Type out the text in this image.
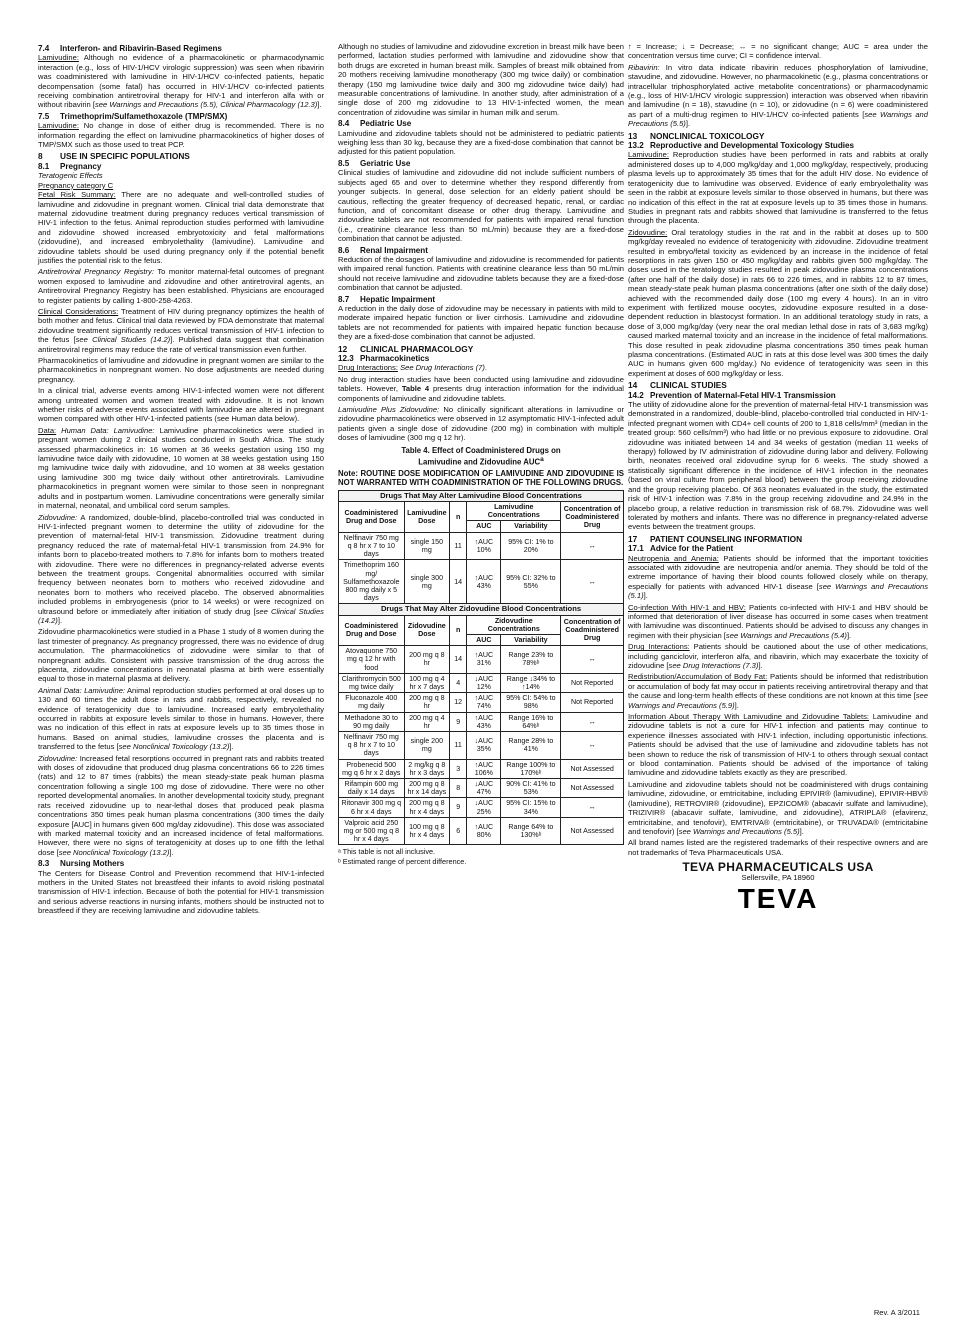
7.4 Interferon- and Ribavirin-Based Regimens

Lamivudine: Although no evidence of a pharmacokinetic or pharmacodynamic interaction (e.g., loss of HIV-1/HCV virologic suppression) was seen when ribavirin was coadministered with lamivudine in HIV-1/HCV co-infected patients, hepatic decompensation (some fatal) has occurred in HIV-1/HCV co-infected patients receiving combination antiretroviral therapy for HIV-1 and interferon alfa with or without ribavirin [see Warnings and Precautions (5.5), Clinical Pharmacology (12.3)].

7.5 Trimethoprim/Sulfamethoxazole (TMP/SMX)

Lamivudine: No change in dose of either drug is recommended. There is no information regarding the effect on lamivudine pharmacokinetics of higher doses of TMP/SMX such as those used to treat PCP.

8 USE IN SPECIFIC POPULATIONS
8.1 Pregnancy
Teratogenic Effects
Pregnancy category C

Fetal Risk Summary: There are no adequate and well-controlled studies of lamivudine and zidovudine in pregnant women. Clinical trial data demonstrate that maternal zidovudine treatment during pregnancy reduces vertical transmission of HIV-1 infection to the fetus. Animal reproduction studies performed with lamivudine and zidovudine showed increased embryotoxicity and fetal malformations (zidovudine), and increased embryolethality (lamivudine). Lamivudine and zidovudine tablets should be used during pregnancy only if the potential benefit justifies the potential risk to the fetus.

Antiretroviral Pregnancy Registry: To monitor maternal-fetal outcomes of pregnant women exposed to lamivudine and zidovudine and other antiretroviral agents, an Antiretroviral Pregnancy Registry has been established. Physicians are encouraged to register patients by calling 1-800-258-4263.

Clinical Considerations: Treatment of HIV during pregnancy optimizes the health of both mother and fetus. Clinical trial data reviewed by FDA demonstrate that maternal zidovudine treatment significantly reduces vertical transmission of HIV-1 infection to the fetus [see Clinical Studies (14.2)]. Published data suggest that combination antiretroviral regimens may reduce the rate of vertical transmission even further.

Pharmacokinetics of lamivudine and zidovudine in pregnant women are similar to the pharmacokinetics in nonpregnant women. No dose adjustments are needed during pregnancy.

In a clinical trial, adverse events among HIV-1-infected women were not different among untreated women and women treated with zidovudine. It is not known whether risks of adverse events associated with lamivudine are altered in pregnant women compared with other HIV-1-infected patients (see Human data below).

Data: Human Data: Lamivudine: Lamivudine pharmacokinetics were studied in pregnant women during 2 clinical studies conducted in South Africa. The study assessed pharmacokinetics in: 16 women at 36 weeks gestation using 150 mg lamivudine twice daily with zidovudine, 10 women at 38 weeks gestation using 150 mg lamivudine twice daily with zidovudine, and 10 women at 38 weeks gestation using lamivudine 300 mg twice daily without other antiretrovirals. Lamivudine pharmacokinetics in pregnant women were similar to those seen in nonpregnant adults and in postpartum women. Lamivudine concentrations were generally similar in maternal, neonatal, and umbilical cord serum samples.

Zidovudine: A randomized, double-blind, placebo-controlled trial was conducted in HIV-1-infected pregnant women to determine the utility of zidovudine for the prevention of maternal-fetal HIV-1 transmission. Zidovudine treatment during pregnancy reduced the rate of maternal-fetal HIV-1 transmission from 24.9% for infants born to placebo-treated mothers to 7.8% for infants born to mothers treated with zidovudine. There were no differences in pregnancy-related adverse events between the treatment groups. Congenital abnormalities occurred with similar frequency between neonates born to mothers who received zidovudine and neonates born to mothers who received placebo. The observed abnormalities included problems in embryogenesis (prior to 14 weeks) or were recognized on ultrasound before or immediately after initiation of study drug [see Clinical Studies (14.2)].

Zidovudine pharmacokinetics were studied in a Phase 1 study of 8 women during the last trimester of pregnancy. As pregnancy progressed, there was no evidence of drug accumulation. The pharmacokinetics of zidovudine were similar to that of nonpregnant adults. Consistent with passive transmission of the drug across the placenta, zidovudine concentrations in neonatal plasma at birth were essentially equal to those in maternal plasma at delivery.

Animal Data: Lamivudine: Animal reproduction studies performed at oral doses up to 130 and 60 times the adult dose in rats and rabbits, respectively, revealed no evidence of teratogenicity due to lamivudine. Increased early embryolethality occurred in rabbits at exposure levels similar to those in humans. However, there was no indication of this effect in rats at exposure levels up to 35 times those in humans. Based on animal studies, lamivudine crosses the placenta and is transferred to the fetus [see Nonclinical Toxicology (13.2)].

Zidovudine: Increased fetal resorptions occurred in pregnant rats and rabbits treated with doses of zidovudine that produced drug plasma concentrations 66 to 226 times (rats) and 12 to 87 times (rabbits) the mean steady-state peak human plasma concentration following a single 100 mg dose of zidovudine. There were no other reported developmental anomalies. In another developmental toxicity study, pregnant rats received zidovudine up to near-lethal doses that produced peak plasma concentrations 350 times peak human plasma concentrations (300 times the daily exposure [AUC] in humans given 600 mg/day zidovudine). This dose was associated with marked maternal toxicity and an increased incidence of fetal malformations. However, there were no signs of teratogenicity at doses up to one fifth the lethal dose [see Nonclinical Toxicology (13.2)].

8.3 Nursing Mothers

The Centers for Disease Control and Prevention recommend that HIV-1-infected mothers in the United States not breastfeed their infants to avoid risking postnatal transmission of HIV-1 infection. Because of both the potential for HIV-1 transmission and serious adverse reactions in nursing infants, mothers should be instructed not to breastfeed if they are receiving lamivudine and zidovudine tablets.

Although no studies of lamivudine and zidovudine excretion in breast milk have been performed, lactation studies performed with lamivudine and zidovudine show that both drugs are excreted in human breast milk. Samples of breast milk obtained from 20 mothers receiving lamivudine monotherapy (300 mg twice daily) or combination therapy (150 mg lamivudine twice daily and 300 mg zidovudine twice daily) had measurable concentrations of lamivudine. In another study, after administration of a single dose of 200 mg zidovudine to 13 HIV-1-infected women, the mean concentration of zidovudine was similar in human milk and serum.

8.4 Pediatric Use

Lamivudine and zidovudine tablets should not be administered to pediatric patients weighing less than 30 kg, because they are a fixed-dose combination that cannot be adjusted for this patient population.

8.5 Geriatric Use

Clinical studies of lamivudine and zidovudine did not include sufficient numbers of subjects aged 65 and over to determine whether they respond differently from younger subjects. In general, dose selection for an elderly patient should be cautious, reflecting the greater frequency of decreased hepatic, renal, or cardiac function, and of concomitant disease or other drug therapy. Lamivudine and zidovudine tablets are not recommended for patients with impaired renal function (i.e., creatinine clearance less than 50 mL/min) because they are a fixed-dose combination that cannot be adjusted.

8.6 Renal Impairment

Reduction of the dosages of lamivudine and zidovudine is recommended for patients with impaired renal function. Patients with creatinine clearance less than 50 mL/min should not receive lamivudine and zidovudine tablets because they are a fixed-dose combination that cannot be adjusted.

8.7 Hepatic Impairment

A reduction in the daily dose of zidovudine may be necessary in patients with mild to moderate impaired hepatic function or liver cirrhosis. Lamivudine and zidovudine tablets are not recommended for patients with impaired hepatic function because they are a fixed-dose combination that cannot be adjusted.

12 CLINICAL PHARMACOLOGY
12.3 Pharmacokinetics

Drug Interactions: See Drug Interactions (7).

No drug interaction studies have been conducted using lamivudine and zidovudine tablets. However, Table 4 presents drug interaction information for the individual components of lamivudine and zidovudine tablets.

Lamivudine Plus Zidovudine: No clinically significant alterations in lamivudine or zidovudine pharmacokinetics were observed in 12 asymptomatic HIV-1-infected adult patients given a single dose of zidovudine (200 mg) in combination with multiple doses of lamivudine (300 mg q 12 hr).

Table 4. Effect of Coadministered Drugs on
Lamivudine and Zidovudine AUC$^a$
Note: ROUTINE DOSE MODIFICATION OF LAMIVUDINE AND ZIDOVUDINE IS NOT WARRANTED WITH COADMINISTRATION OF THE FOLLOWING DRUGS.
Drugs That May Alter Lamivudine Blood Concentrations					
Coadministered Drug and Dose	Lamivudine Dose	n	Lamivudine Concentrations		Concentration of Coadministered Drug
			AUC	Variability	
Nelfinavir 750 mg q 8 hr x 7 to 10 days	single 150 mg	11	↑AUC 10%	95% CI: 1% to 20%	↔
Trimethoprim 160 mg/ Sulfamethoxazole 800 mg daily x 5 days	single 300 mg	14	↑AUC 43%	95% CI: 32% to 55%	↔
Drugs That May Alter Zidovudine Blood Concentrations					
Coadministered Drug and Dose	Zidovudine Dose	n	Zidovudine Concentrations		Concentration of Coadministered Drug
			AUC	Variability	
Atovaquone 750 mg q 12 hr with food	200 mg q 8 hr	14	↑AUC 31%	Range 23% to 78%ᵇ	↔
Clarithromycin 500 mg twice daily	100 mg q 4 hr x 7 days	4	↓AUC 12%	Range ↓34% to ↑14%	Not Reported
Fluconazole 400 mg daily	200 mg q 8 hr	12	↑AUC 74%	95% CI: 54% to 98%	Not Reported
Methadone 30 to 90 mg daily	200 mg q 4 hr	9	↑AUC 43%	Range 16% to 64%ᵇ	↔
Nelfinavir 750 mg q 8 hr x 7 to 10 days	single 200 mg	11	↓AUC 35%	Range 28% to 41%	↔
Probenecid 500 mg q 6 hr x 2 days	2 mg/kg q 8 hr x 3 days	3	↑AUC 106%	Range 100% to 170%ᵇ	Not Assessed
Rifampin 600 mg daily x 14 days	200 mg q 8 hr x 14 days	8	↓AUC 47%	90% CI: 41% to 53%	Not Assessed
Ritonavir 300 mg q 6 hr x 4 days	200 mg q 8 hr x 4 days	9	↓AUC 25%	95% CI: 15% to 34%	↔
Valproic acid 250 mg or 500 mg q 8 hr x 4 days	100 mg q 8 hr x 4 days	6	↑AUC 80%	Range 64% to 130%ᵇ	Not Assessed
ᵃ This table is not all inclusive.
ᵇ Estimated range of percent difference.

↑ = Increase; ↓ = Decrease; ↔ = no significant change; AUC = area under the concentration versus time curve; CI = confidence interval.

Ribavirin: In vitro data indicate ribavirin reduces phosphorylation of lamivudine, stavudine, and zidovudine. However, no pharmacokinetic (e.g., plasma concentrations or intracellular triphosphorylated active metabolite concentrations) or pharmacodynamic (e.g., loss of HIV-1/HCV virologic suppression) interaction was observed when ribavirin and lamivudine (n = 18), stavudine (n = 10), or zidovudine (n = 6) were coadministered as part of a multi-drug regimen to HIV-1/HCV co-infected patients [see Warnings and Precautions (5.5)].

13 NONCLINICAL TOXICOLOGY
13.2 Reproductive and Developmental Toxicology Studies

Lamivudine: Reproduction studies have been performed in rats and rabbits at orally administered doses up to 4,000 mg/kg/day and 1,000 mg/kg/day, respectively, producing plasma levels up to approximately 35 times that for the adult HIV dose. No evidence of teratogenicity due to lamivudine was observed. Evidence of early embryolethality was seen in the rabbit at exposure levels similar to those observed in humans, but there was no indication of this effect in the rat at exposure levels up to 35 times those in humans. Studies in pregnant rats and rabbits showed that lamivudine is transferred to the fetus through the placenta.

Zidovudine: Oral teratology studies in the rat and in the rabbit at doses up to 500 mg/kg/day revealed no evidence of teratogenicity with zidovudine. Zidovudine treatment resulted in embryo/fetal toxicity as evidenced by an increase in the incidence of fetal resorptions in rats given 150 or 450 mg/kg/day and rabbits given 500 mg/kg/day. The doses used in the teratology studies resulted in peak zidovudine plasma concentrations (after one half of the daily dose) in rats 66 to 226 times, and in rabbits 12 to 87 times, mean steady-state peak human plasma concentrations (after one sixth of the daily dose) achieved with the recommended daily dose (100 mg every 4 hours). In an in vitro experiment with fertilized mouse oocytes, zidovudine exposure resulted in a dose-dependent reduction in blastocyst formation. In an additional teratology study in rats, a dose of 3,000 mg/kg/day (very near the oral median lethal dose in rats of 3,683 mg/kg) caused marked maternal toxicity and an increase in the incidence of fetal malformations. This dose resulted in peak zidovudine plasma concentrations 350 times peak human plasma concentrations. (Estimated AUC in rats at this dose level was 300 times the daily AUC in humans given 600 mg/day.) No evidence of teratogenicity was seen in this experiment at doses of 600 mg/kg/day or less.

14 CLINICAL STUDIES
14.2 Prevention of Maternal-Fetal HIV-1 Transmission

The utility of zidovudine alone for the prevention of maternal-fetal HIV-1 transmission was demonstrated in a randomized, double-blind, placebo-controlled trial conducted in HIV-1-infected pregnant women with CD4+ cell counts of 200 to 1,818 cells/mm³ (median in the treated group: 560 cells/mm³) who had little or no previous exposure to zidovudine. Oral zidovudine was initiated between 14 and 34 weeks of gestation (median 11 weeks of therapy) followed by IV administration of zidovudine during labor and delivery. Following birth, neonates received oral zidovudine syrup for 6 weeks. The study showed a statistically significant difference in the incidence of HIV-1 infection in the neonates (based on viral culture from peripheral blood) between the group receiving zidovudine and the group receiving placebo. Of 363 neonates evaluated in the study, the estimated risk of HIV-1 infection was 7.8% in the group receiving zidovudine and 24.9% in the placebo group, a relative reduction in transmission risk of 68.7%. Zidovudine was well tolerated by mothers and infants. There was no difference in pregnancy-related adverse events between the treatment groups.

17 PATIENT COUNSELING INFORMATION
17.1 Advice for the Patient

Neutropenia and Anemia: Patients should be informed that the important toxicities associated with zidovudine are neutropenia and/or anemia. They should be told of the extreme importance of having their blood counts followed closely while on therapy, especially for patients with advanced HIV-1 disease [see Warnings and Precautions (5.1)].

Co-infection With HIV-1 and HBV: Patients co-infected with HIV-1 and HBV should be informed that deterioration of liver disease has occurred in some cases when treatment with lamivudine was discontinued. Patients should be advised to discuss any changes in regimen with their physician [see Warnings and Precautions (5.4)].

Drug Interactions: Patients should be cautioned about the use of other medications, including ganciclovir, interferon alfa, and ribavirin, which may exacerbate the toxicity of zidovudine [see Drug Interactions (7.3)].

Redistribution/Accumulation of Body Fat: Patients should be informed that redistribution or accumulation of body fat may occur in patients receiving antiretroviral therapy and that the cause and long-term health effects of these conditions are not known at this time [see Warnings and Precautions (5.9)].

Information About Therapy With Lamivudine and Zidovudine Tablets: Lamivudine and zidovudine tablets is not a cure for HIV-1 infection and patients may continue to experience illnesses associated with HIV-1 infection, including opportunistic infections. Patients should be advised that the use of lamivudine and zidovudine tablets has not been shown to reduce the risk of transmission of HIV-1 to others through sexual contact or blood contamination. Patients should be advised of the importance of taking lamivudine and zidovudine tablets exactly as they are prescribed.

Lamivudine and zidovudine tablets should not be coadministered with drugs containing lamivudine, zidovudine, or emtricitabine, including EPIVIR® (lamivudine), EPIVIR-HBV® (lamivudine), RETROVIR® (zidovudine), EPZICOM® (abacavir sulfate and lamivudine), TRIZIVIR® (abacavir sulfate, lamivudine, and zidovudine), ATRIPLA® (efavirenz, emtricitabine, and tenofovir), EMTRIVA® (emtricitabine), or TRUVADA® (emtricitabine and tenofovir) [see Warnings and Precautions (5.5)].

All brand names listed are the registered trademarks of their respective owners and are not trademarks of Teva Pharmaceuticals USA.

TEVA PHARMACEUTICALS USA
Sellersville, PA 18960
TEVA
Rev. A 3/2011
